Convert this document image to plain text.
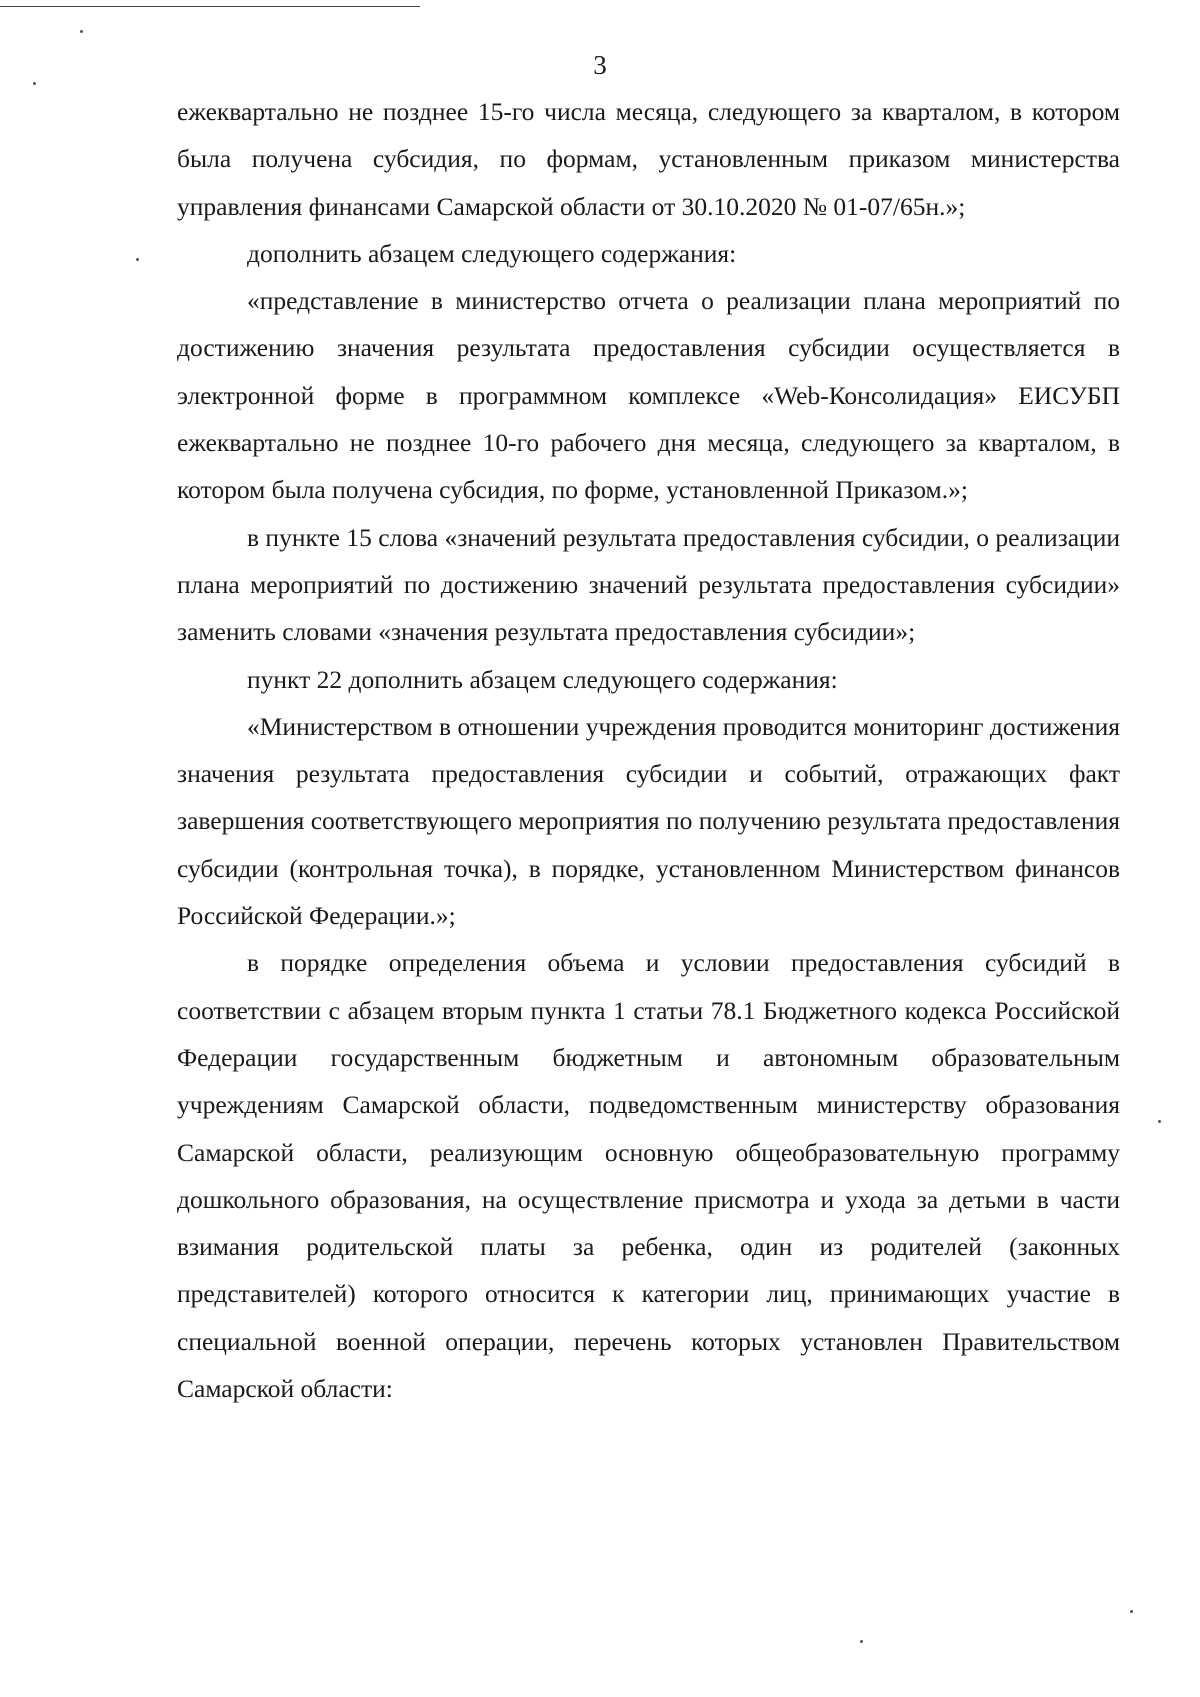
3

ежеквартально не позднее 15-го числа месяца, следующего за кварталом, в котором была получена субсидия, по формам, установленным приказом министерства управления финансами Самарской области от 30.10.2020 № 01-07/65н.»;

дополнить абзацем следующего содержания:

«представление в министерство отчета о реализации плана мероприятий по достижению значения результата предоставления субсидии осуществляется в электронной форме в программном комплексе «Web-Консолидация» ЕИСУБП ежеквартально не позднее 10-го рабочего дня месяца, следующего за кварталом, в котором была получена субсидия, по форме, установленной Приказом.»;

в пункте 15 слова «значений результата предоставления субсидии, о реализации плана мероприятий по достижению значений результата предоставления субсидии» заменить словами «значения результата предоставления субсидии»;

пункт 22 дополнить абзацем следующего содержания:

«Министерством в отношении учреждения проводится мониторинг достижения значения результата предоставления субсидии и событий, отражающих факт завершения соответствующего мероприятия по получению результата предоставления субсидии (контрольная точка), в порядке, установленном Министерством финансов Российской Федерации.»;

в порядке определения объема и условии предоставления субсидий в соответствии с абзацем вторым пункта 1 статьи 78.1 Бюджетного кодекса Российской Федерации государственным бюджетным и автономным образовательным учреждениям Самарской области, подведомственным министерству образования Самарской области, реализующим основную общеобразовательную программу дошкольного образования, на осуществление присмотра и ухода за детьми в части взимания родительской платы за ребенка, один из родителей (законных представителей) которого относится к категории лиц, принимающих участие в специальной военной операции, перечень которых установлен Правительством Самарской области:
